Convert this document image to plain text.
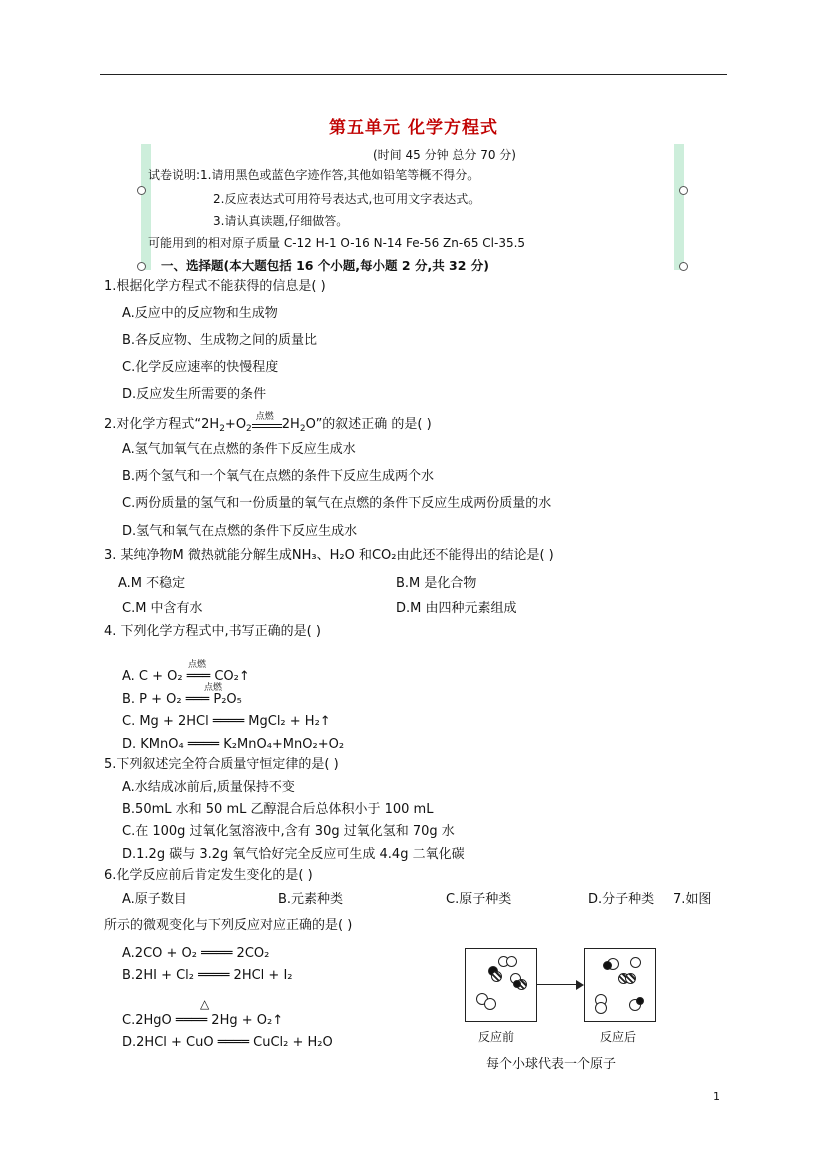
第五单元 化学方程式
(时间 45 分钟 总分 70 分)
试卷说明:1.请用黑色或蓝色字迹作答,其他如铅笔等概不得分。
2.反应表达式可用符号表达式,也可用文字表达式。
3.请认真读题,仔细做答。
可能用到的相对原子质量 C-12 H-1 O-16 N-14 Fe-56 Zn-65 Cl-35.5
一、选择题(本大题包括 16 个小题,每小题 2 分,共 32 分)
1.根据化学方程式不能获得的信息是( )
A.反应中的反应物和生成物
B.各反应物、生成物之间的质量比
C.化学反应速率的快慢程度
D.反应发生所需要的条件
2.对化学方程式“$2H_2+O_2$
点燃 $2H_2O$”的叙述正确 的是( )
A.氢气加氧气在点燃的条件下反应生成水
B.两个氢气和一个氧气在点燃的条件下反应生成两个水
C.两份质量的氢气和一份质量的氧气在点燃的条件下反应生成两份质量的水
D.氢气和氧气在点燃的条件下反应生成水
3. 某纯净物M 微热就能分解生成NH₃、H₂O 和CO₂由此还不能得出的结论是( )
A.M 不稳定	B.M 是化合物
C.M 中含有水	D.M 由四种元素组成
4. 下列化学方程式中,书写正确的是( )
点燃
A. C + O₂ ═══ CO₂↑
点燃
B. P + O₂ ═══ P₂O₅
C. Mg + 2HCl ════ MgCl₂ + H₂↑
D. KMnO₄ ════ K₂MnO₄+MnO₂+O₂
5.下列叙述完全符合质量守恒定律的是( )
A.水结成冰前后,质量保持不变
B.50mL 水和 50 mL 乙醇混合后总体积小于 100 mL
C.在 100g 过氧化氢溶液中,含有 30g 过氧化氢和 70g 水
D.1.2g 碳与 3.2g 氧气恰好完全反应可生成 4.4g 二氧化碳
6.化学反应前后肯定发生变化的是( )
A.原子数目	B.元素种类	C.原子种类	D.分子种类 7.如图
所示的微观变化与下列反应对应正确的是( )
A.2CO + O₂ ════ 2CO₂
B.2HI + Cl₂ ════ 2HCl + I₂
△
C.2HgO ════ 2Hg + O₂↑
D.2HCl + CuO ════ CuCl₂ + H₂O	反应前	反应后
每个小球代表一个原子
1
